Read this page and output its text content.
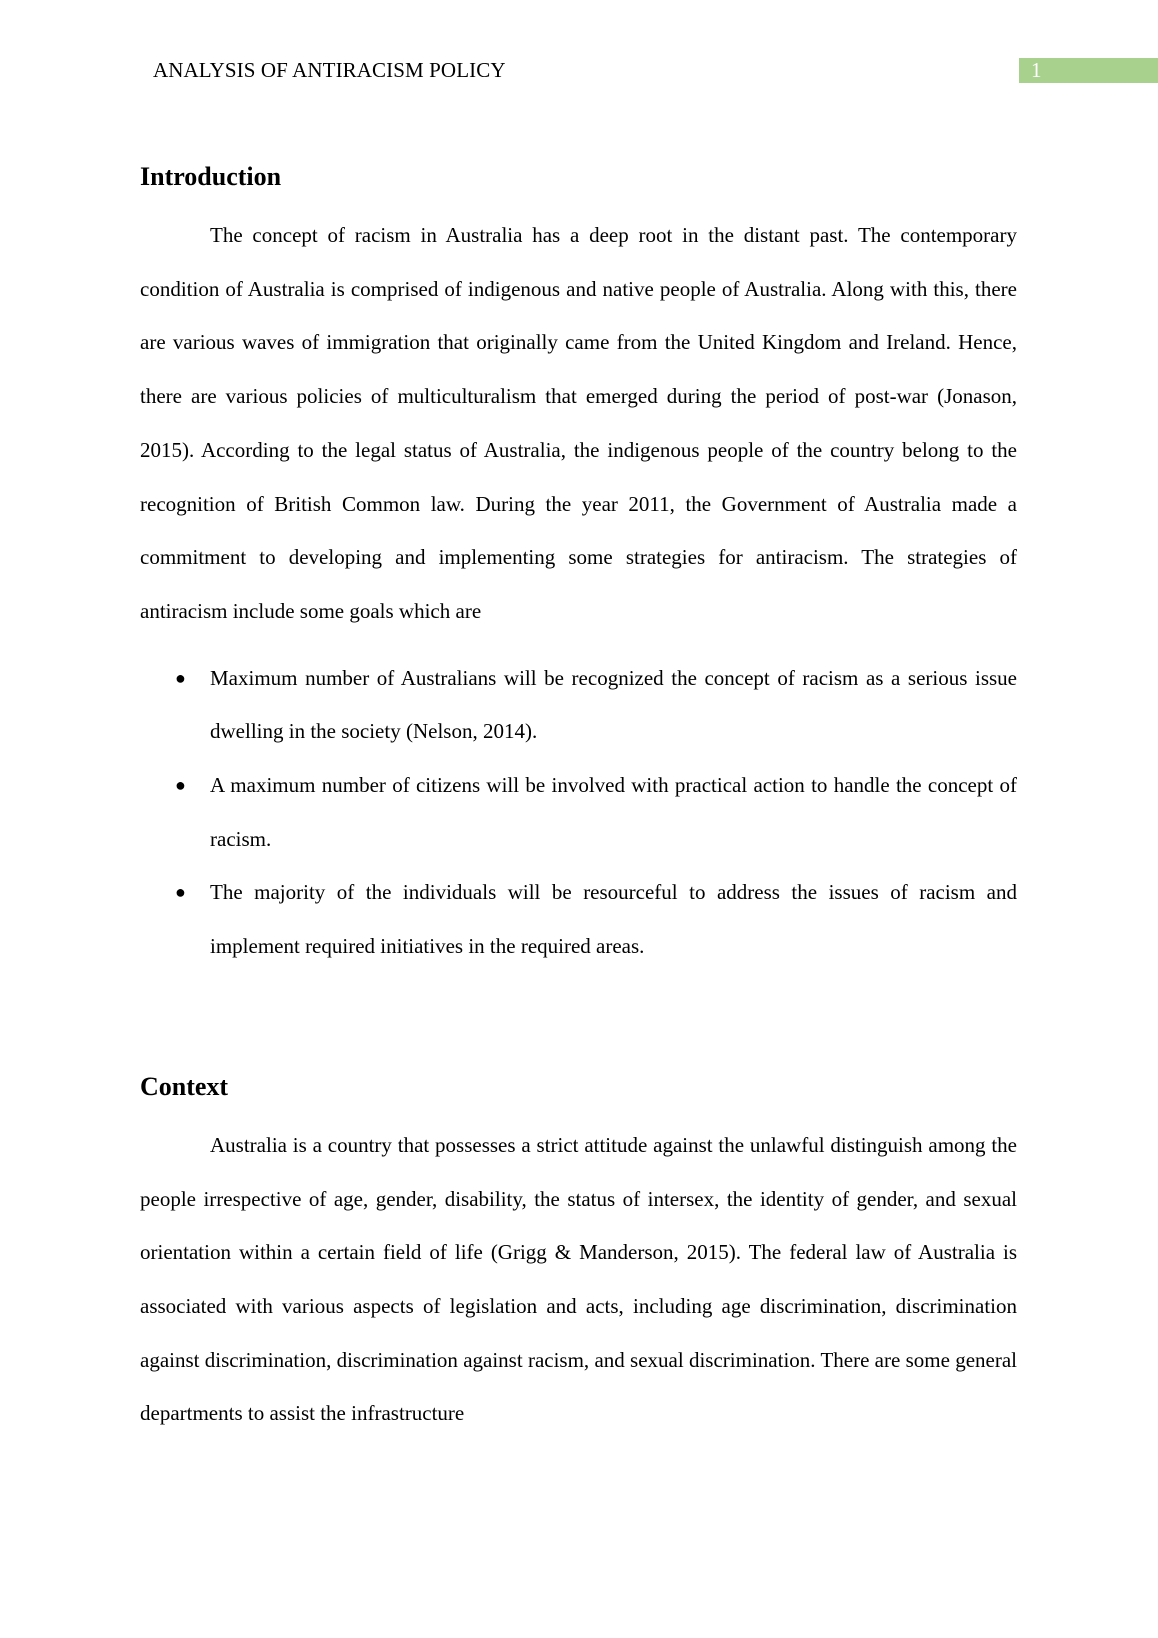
ANALYSIS OF ANTIRACISM POLICY	1
Introduction

The concept of racism in Australia has a deep root in the distant past. The contemporary condition of Australia is comprised of indigenous and native people of Australia. Along with this, there are various waves of immigration that originally came from the United Kingdom and Ireland. Hence, there are various policies of multiculturalism that emerged during the period of post-war (Jonason, 2015). According to the legal status of Australia, the indigenous people of the country belong to the recognition of British Common law. During the year 2011, the Government of Australia made a commitment to developing and implementing some strategies for antiracism. The strategies of antiracism include some goals which are

● Maximum number of Australians will be recognized the concept of racism as a serious issue dwelling in the society (Nelson, 2014).
● A maximum number of citizens will be involved with practical action to handle the concept of racism.
● The majority of the individuals will be resourceful to address the issues of racism and implement required initiatives in the required areas.
Context

Australia is a country that possesses a strict attitude against the unlawful distinguish among the people irrespective of age, gender, disability, the status of intersex, the identity of gender, and sexual orientation within a certain field of life (Grigg & Manderson, 2015). The federal law of Australia is associated with various aspects of legislation and acts, including age discrimination, discrimination against discrimination, discrimination against racism, and sexual discrimination. There are some general departments to assist the infrastructure
